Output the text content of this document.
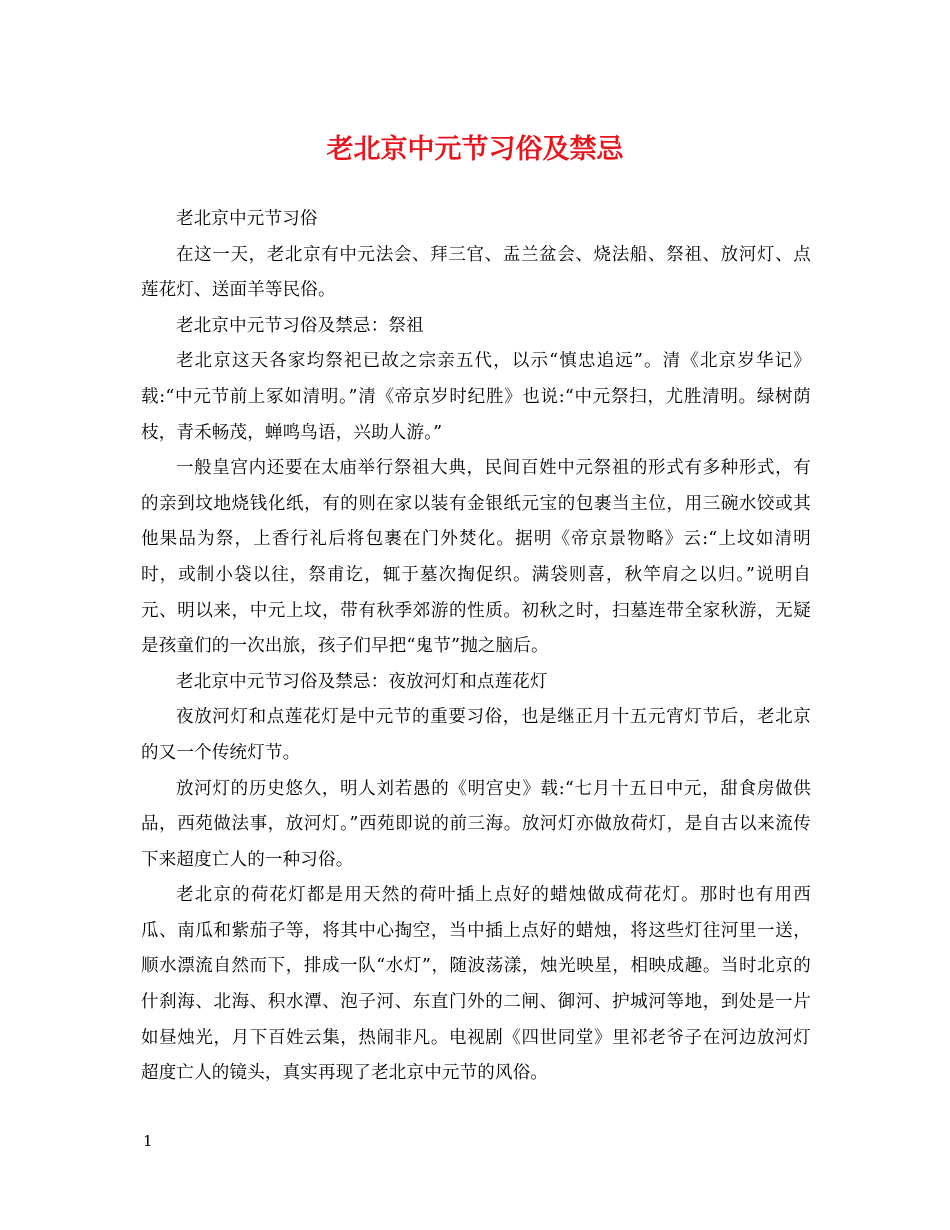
老北京中元节习俗及禁忌

老北京中元节习俗

在这一天，老北京有中元法会、拜三官、盂兰盆会、烧法船、祭祖、放河灯、点莲花灯、送面羊等民俗。

老北京中元节习俗及禁忌：祭祖

老北京这天各家均祭祀已故之宗亲五代，以示“慎忠追远”。清《北京岁华记》载:“中元节前上冢如清明。”清《帝京岁时纪胜》也说:“中元祭扫，尤胜清明。绿树荫枝，青禾畅茂，蝉鸣鸟语，兴助人游。”

一般皇宫内还要在太庙举行祭祖大典，民间百姓中元祭祖的形式有多种形式，有的亲到坟地烧钱化纸，有的则在家以装有金银纸元宝的包裹当主位，用三碗水饺或其他果品为祭，上香行礼后将包裹在门外焚化。据明《帝京景物略》云:“上坟如清明时，或制小袋以往，祭甫讫，辄于墓次掏促织。满袋则喜，秋竿肩之以归。”说明自元、明以来，中元上坟，带有秋季郊游的性质。初秋之时，扫墓连带全家秋游，无疑是孩童们的一次出旅，孩子们早把“鬼节”抛之脑后。

老北京中元节习俗及禁忌：夜放河灯和点莲花灯

夜放河灯和点莲花灯是中元节的重要习俗，也是继正月十五元宵灯节后，老北京的又一个传统灯节。

放河灯的历史悠久，明人刘若愚的《明宫史》载:“七月十五日中元，甜食房做供品，西苑做法事，放河灯。”西苑即说的前三海。放河灯亦做放荷灯，是自古以来流传下来超度亡人的一种习俗。

老北京的荷花灯都是用天然的荷叶插上点好的蜡烛做成荷花灯。那时也有用西瓜、南瓜和紫茄子等，将其中心掏空，当中插上点好的蜡烛，将这些灯往河里一送，顺水漂流自然而下，排成一队“水灯”，随波荡漾，烛光映星，相映成趣。当时北京的什刹海、北海、积水潭、泡子河、东直门外的二闸、御河、护城河等地，到处是一片如昼烛光，月下百姓云集，热闹非凡。电视剧《四世同堂》里祁老爷子在河边放河灯超度亡人的镜头，真实再现了老北京中元节的风俗。

1
